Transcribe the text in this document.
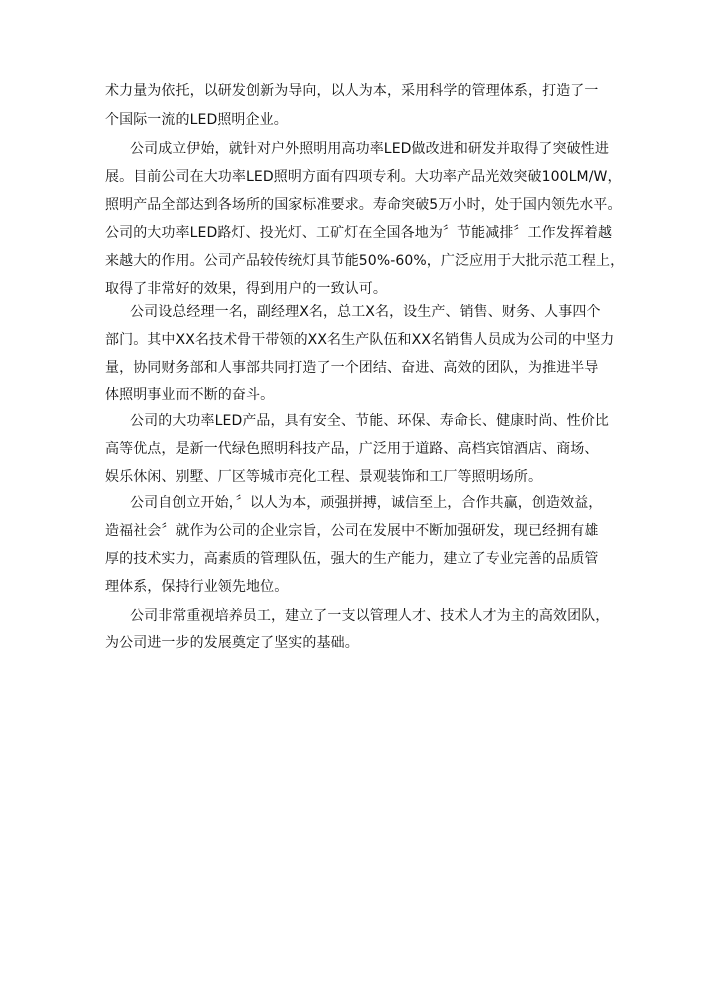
术力量为依托，以研发创新为导向，以人为本，采用科学的管理体系，打造了一
个国际一流的LED照明企业。
公司成立伊始，就针对户外照明用高功率LED做改进和研发并取得了突破性进
展。目前公司在大功率LED照明方面有四项专利。大功率产品光效突破100LM/W，
照明产品全部达到各场所的国家标准要求。寿命突破5万小时，处于国内领先水平。
公司的大功率LED路灯、投光灯、工矿灯在全国各地为〞节能减排〞工作发挥着越
来越大的作用。公司产品较传统灯具节能50%-60%，广泛应用于大批示范工程上，
取得了非常好的效果，得到用户的一致认可。
公司设总经理一名，副经理X名，总工X名，设生产、销售、财务、人事四个
部门。其中XX名技术骨干带领的XX名生产队伍和XX名销售人员成为公司的中坚力
量，协同财务部和人事部共同打造了一个团结、奋进、高效的团队，为推进半导
体照明事业而不断的奋斗。
公司的大功率LED产品，具有安全、节能、环保、寿命长、健康时尚、性价比
高等优点，是新一代绿色照明科技产品，广泛用于道路、高档宾馆酒店、商场、
娱乐休闲、别墅、厂区等城市亮化工程、景观装饰和工厂等照明场所。
公司自创立开始，〞以人为本，顽强拼搏，诚信至上，合作共赢，创造效益，
造福社会〞就作为公司的企业宗旨，公司在发展中不断加强研发，现已经拥有雄
厚的技术实力，高素质的管理队伍，强大的生产能力，建立了专业完善的品质管
理体系，保持行业领先地位。
公司非常重视培养员工，建立了一支以管理人才、技术人才为主的高效团队，
为公司进一步的发展奠定了坚实的基础。
